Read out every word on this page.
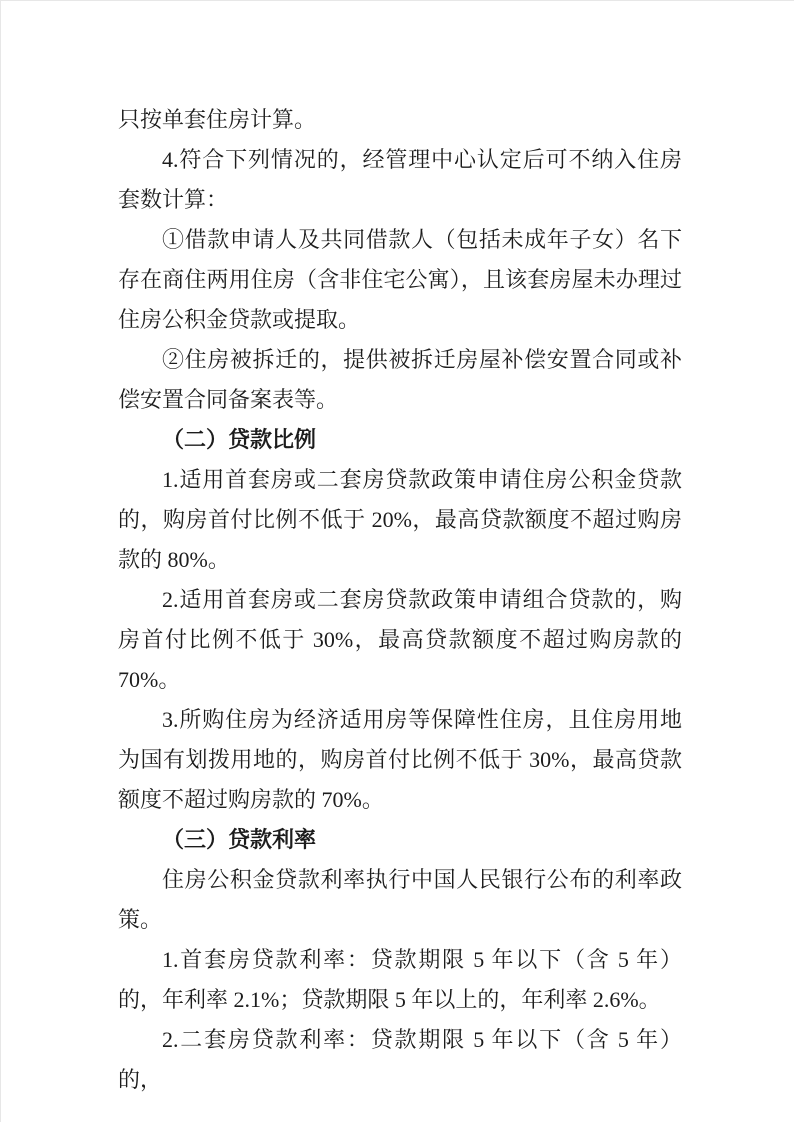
只按单套住房计算。

4.符合下列情况的，经管理中心认定后可不纳入住房套数计算：

①借款申请人及共同借款人（包括未成年子女）名下存在商住两用住房（含非住宅公寓），且该套房屋未办理过住房公积金贷款或提取。

②住房被拆迁的，提供被拆迁房屋补偿安置合同或补偿安置合同备案表等。

（二）贷款比例

1.适用首套房或二套房贷款政策申请住房公积金贷款的，购房首付比例不低于 20%，最高贷款额度不超过购房款的 80%。

2.适用首套房或二套房贷款政策申请组合贷款的，购房首付比例不低于 30%，最高贷款额度不超过购房款的 70%。

3.所购住房为经济适用房等保障性住房，且住房用地为国有划拨用地的，购房首付比例不低于 30%，最高贷款额度不超过购房款的 70%。

（三）贷款利率

住房公积金贷款利率执行中国人民银行公布的利率政策。

1.首套房贷款利率：贷款期限 5 年以下（含 5 年）的，年利率 2.1%；贷款期限 5 年以上的，年利率 2.6%。

2.二套房贷款利率：贷款期限 5 年以下（含 5 年）的，
